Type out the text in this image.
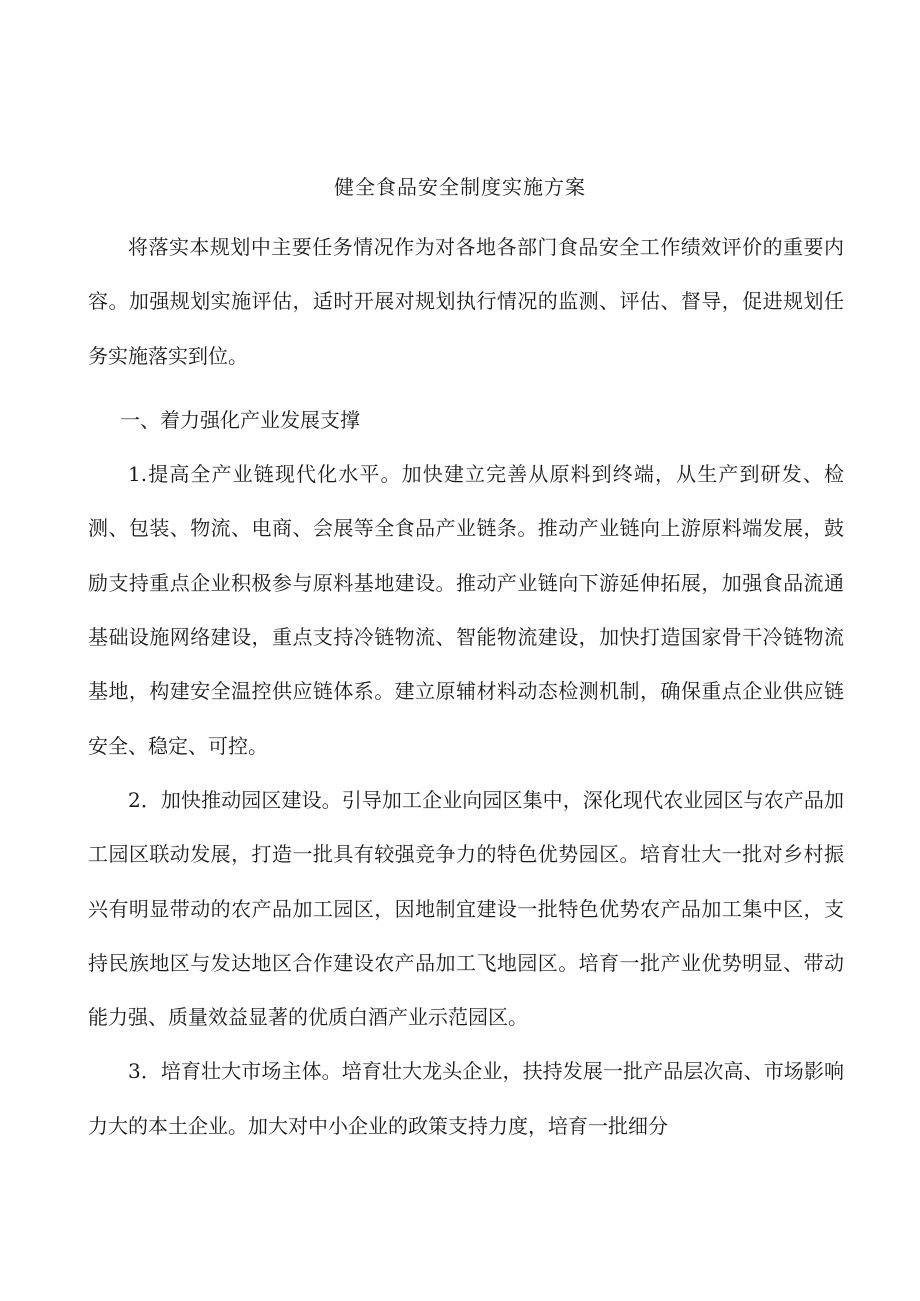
健全食品安全制度实施方案

将落实本规划中主要任务情况作为对各地各部门食品安全工作绩效评价的重要内容。加强规划实施评估，适时开展对规划执行情况的监测、评估、督导，促进规划任务实施落实到位。

一、着力强化产业发展支撑

1.提高全产业链现代化水平。加快建立完善从原料到终端，从生产到研发、检测、包装、物流、电商、会展等全食品产业链条。推动产业链向上游原料端发展，鼓励支持重点企业积极参与原料基地建设。推动产业链向下游延伸拓展，加强食品流通基础设施网络建设，重点支持冷链物流、智能物流建设，加快打造国家骨干冷链物流基地，构建安全温控供应链体系。建立原辅材料动态检测机制，确保重点企业供应链安全、稳定、可控。

2．加快推动园区建设。引导加工企业向园区集中，深化现代农业园区与农产品加工园区联动发展，打造一批具有较强竞争力的特色优势园区。培育壮大一批对乡村振兴有明显带动的农产品加工园区，因地制宜建设一批特色优势农产品加工集中区，支持民族地区与发达地区合作建设农产品加工飞地园区。培育一批产业优势明显、带动能力强、质量效益显著的优质白酒产业示范园区。

3．培育壮大市场主体。培育壮大龙头企业，扶持发展一批产品层次高、市场影响力大的本土企业。加大对中小企业的政策支持力度，培育一批细分
